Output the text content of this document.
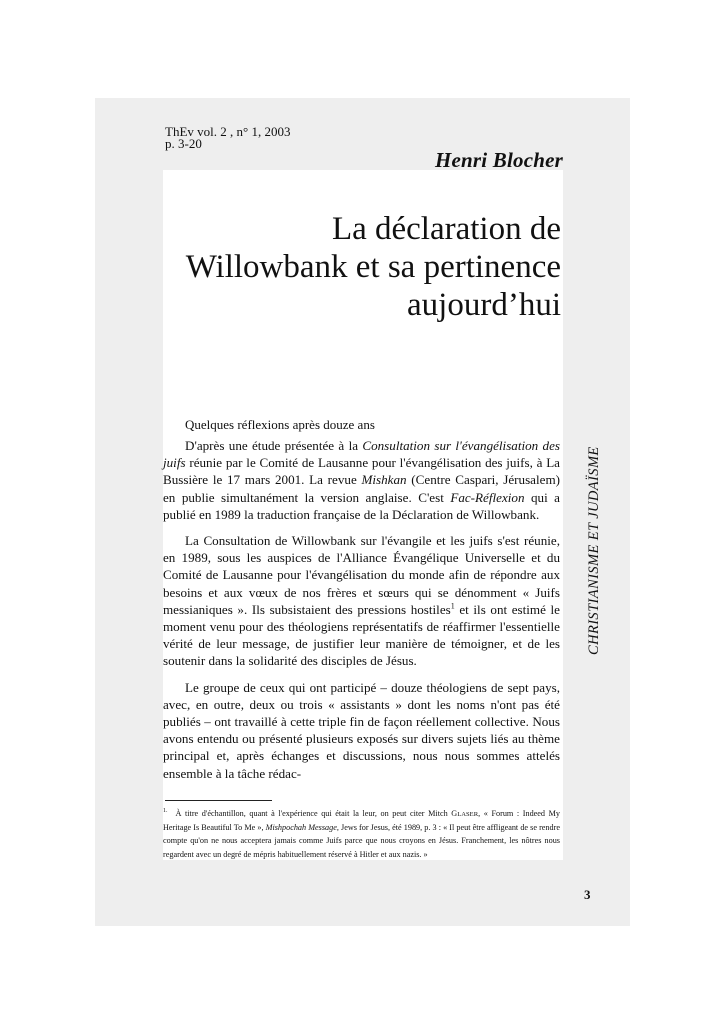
ThEv vol. 2 , n° 1, 2003
p. 3-20
Henri Blocher
La déclaration de
Willowbank et sa pertinence
aujourd’hui
Quelques réflexions après douze ans

D'après une étude présentée à la Consultation sur l'évangélisation des juifs réunie par le Comité de Lausanne pour l'évangélisation des juifs, à La Bussière le 17 mars 2001. La revue Mishkan (Centre Caspari, Jérusalem) en publie simultanément la version anglaise. C'est Fac-Réflexion qui a publié en 1989 la traduction française de la Déclaration de Willowbank.

La Consultation de Willowbank sur l'évangile et les juifs s'est réunie, en 1989, sous les auspices de l'Alliance Évangélique Universelle et du Comité de Lausanne pour l'évangélisation du monde afin de répondre aux besoins et aux vœux de nos frères et sœurs qui se dénomment « Juifs messianiques ». Ils subsistaient des pressions hostiles$^1$ et ils ont estimé le moment venu pour des théologiens représentatifs de réaffirmer l'essentielle vérité de leur message, de justifier leur manière de témoigner, et de les soutenir dans la solidarité des disciples de Jésus.

Le groupe de ceux qui ont participé – douze théologiens de sept pays, avec, en outre, deux ou trois « assistants » dont les noms n'ont pas été publiés – ont travaillé à cette triple fin de façon réellement collective. Nous avons entendu ou présenté plusieurs exposés sur divers sujets liés au thème principal et, après échanges et discussions, nous nous sommes attelés ensemble à la tâche rédac-

$^{1.}$ À titre d'échantillon, quant à l'expérience qui était la leur, on peut citer Mitch GLASER, « Forum : Indeed My Heritage Is Beautiful To Me », Mishpochah Message, Jews for Jesus, été 1989, p. 3 : « Il peut être affligeant de se rendre compte qu'on ne nous acceptera jamais comme Juifs parce que nous croyons en Jésus. Franchement, les nôtres nous regardent avec un degré de mépris habituellement réservé à Hitler et aux nazis. »
CHRISTIANISME ET JUDAÏSME
3
